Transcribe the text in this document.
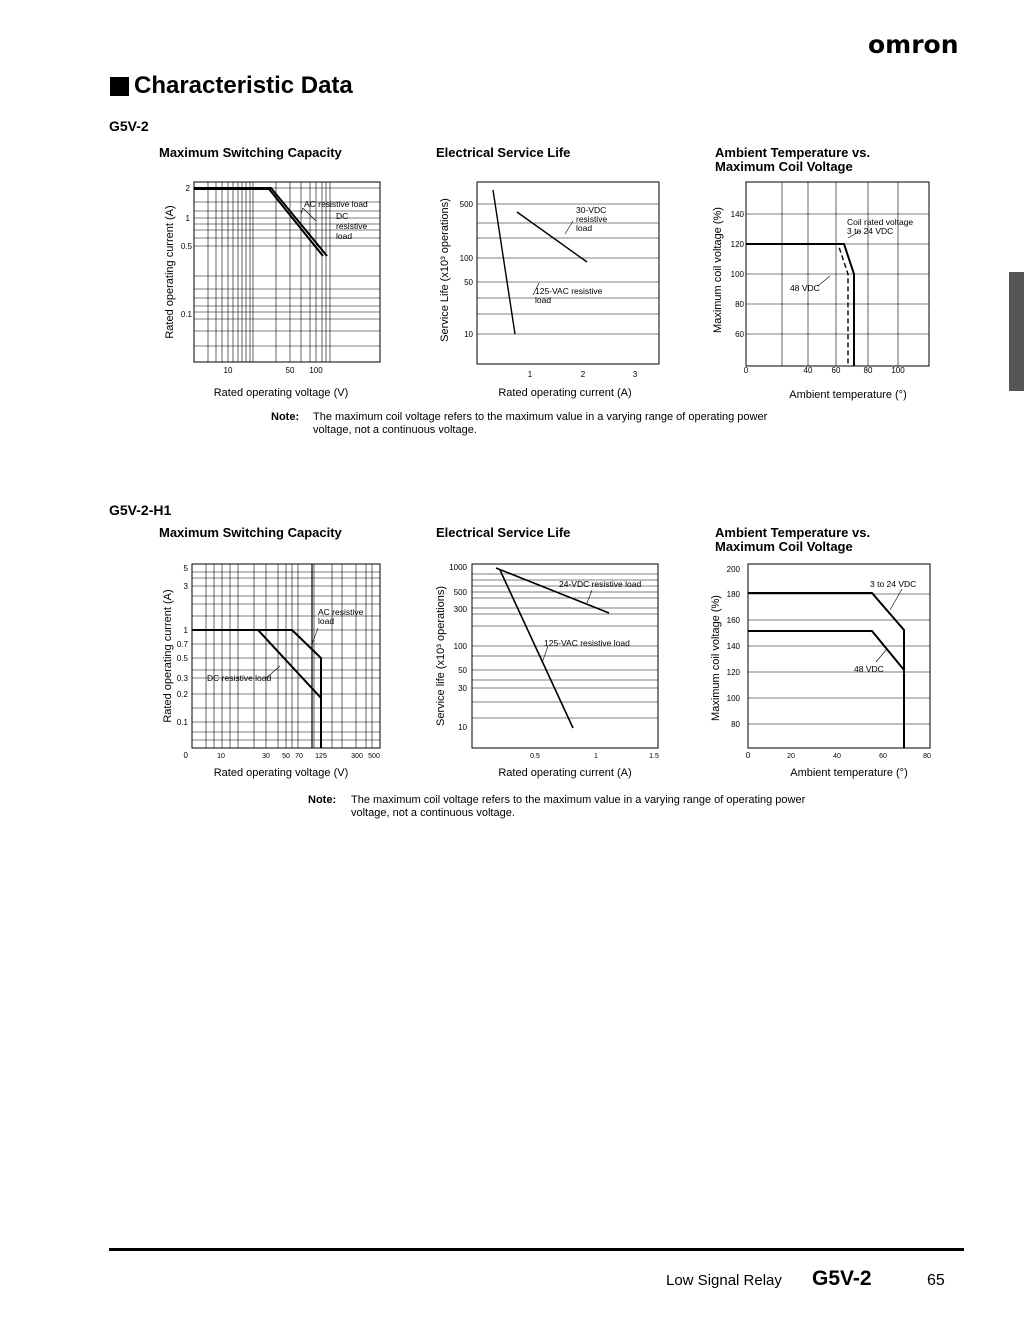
omron
Characteristic Data
G5V-2
Maximum Switching Capacity	Electrical Service Life	Ambient Temperature vs. Maximum Coil Voltage
AC resistive load
DC
resistive
load
2
1
0.5
0.1
10	50 100
Rated operating voltage (V)
Rated operating current (A)	30-VDC
resistive
load
125-VAC resistive
load
500
100
50
10
1	2	3
Rated operating current (A)
Service Life (x10³ operations)	Coil rated voltage
3 to 24 VDC
48 VDC
140
120
100
80
60
0	40 60	80 100
Ambient temperature (°)
Maximum coil voltage (%)
Note: The maximum coil voltage refers to the maximum value in a varying range of operating power voltage, not a continuous voltage.
G5V-2-H1
Maximum Switching Capacity	Electrical Service Life	Ambient Temperature vs. Maximum Coil Voltage
AC resistive
load
DC resistive load
5
3
1
0.7
0.5
0.3
0.2
0.1
0	10	30 50 70 125	300 500
Rated operating voltage (V)
Rated operating current (A)
24-VDC resistive load
125-VAC resistive load
1000
500
300
100
50
30
10
0.5	1	1.5
Rated operating current (A)
Service life (x10³ operations)
3 to 24 VDC
48 VDC
200
180
160
140
120
100
80
0	20	40	60	80
Ambient temperature (°)
Maximum coil voltage (%)
Note: The maximum coil voltage refers to the maximum value in a varying range of operating power voltage, not a continuous voltage.
Low Signal Relay G5V-2	65
